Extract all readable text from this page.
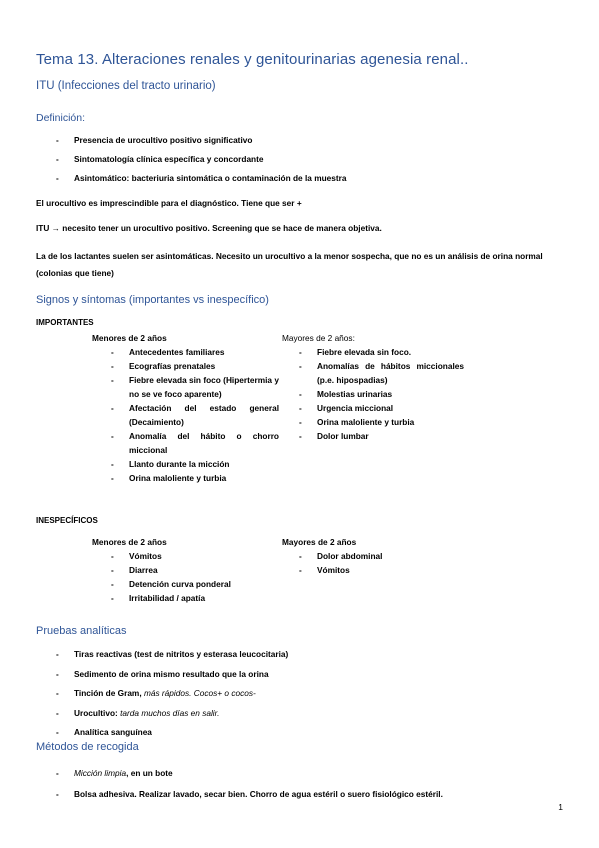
Tema 13. Alteraciones renales y genitourinarias agenesia renal..
ITU (Infecciones del tracto urinario)
Definición:
- Presencia de urocultivo positivo significativo
- Sintomatología clínica específica y concordante
- Asintomático: bacteriuria sintomática o contaminación de la muestra
El urocultivo es imprescindible para el diagnóstico. Tiene que ser +
ITU → necesito tener un urocultivo positivo. Screening que se hace de manera objetiva.
La de los lactantes suelen ser asintomáticas. Necesito un urocultivo a la menor sospecha, que no es un análisis de orina normal
(colonias que tiene)
Signos y síntomas (importantes vs inespecífico)
IMPORTANTES
Menores de 2 años
- Antecedentes familiares
- Ecografías prenatales
- Fiebre elevada sin foco (Hipertermia y no se ve foco aparente)
- Afectación del estado general (Decaimiento)
- Anomalía del hábito o chorro miccional
- Llanto durante la micción
- Orina maloliente y turbia
Mayores de 2 años:
- Fiebre elevada sin foco.
- Anomalías de hábitos miccionales (p.e. hipospadias)
- Molestias urinarias
- Urgencia miccional
- Orina maloliente y turbia
- Dolor lumbar
INESPECÍFICOS
Menores de 2 años
- Vómitos
- Diarrea
- Detención curva ponderal
- Irritabilidad / apatía
Mayores de 2 años
- Dolor abdominal
- Vómitos
Pruebas analíticas
- Tiras reactivas (test de nitritos y esterasa leucocitaria)
- Sedimento de orina mismo resultado que la orina
- Tinción de Gram, más rápidos. Cocos+ o cocos-
- Urocultivo: tarda muchos días en salir.
- Analítica sanguínea
Métodos de recogida
- Micción limpia, en un bote
- Bolsa adhesiva. Realizar lavado, secar bien. Chorro de agua estéril o suero fisiológico estéril.
1
